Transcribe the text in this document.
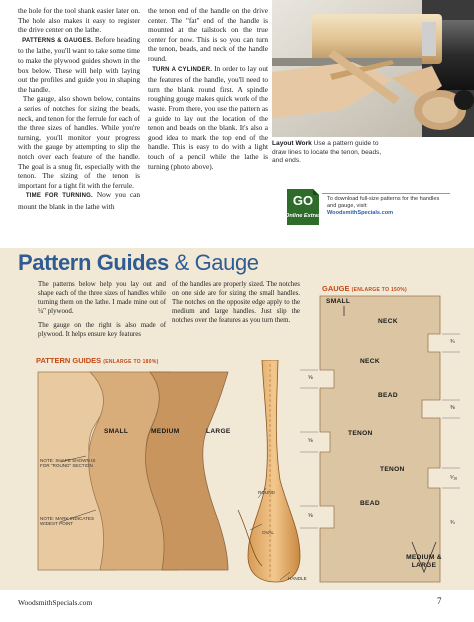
the hole for the tool shank easier later on. The hole also makes it easy to register the drive center on the lathe.

PATTERNS & GAUGES. Before heading to the lathe, you'll want to take some time to make the plywood guides shown in the box below. These will help with laying out the profiles and guide you in shaping the handle.

The gauge, also shown below, contains a series of notches for sizing the beads, neck, and tenon for the ferrule for each of the three sizes of handles. While you're turning, you'll monitor your progress with the gauge by attempting to slip the notch over each feature of the handle. The goal is a snug fit, especially with the tenon. The sizing of the tenon is important for a tight fit with the ferrule.

TIME FOR TURNING. Now you can mount the blank in the lathe with

the tenon end of the handle on the drive center. The "fat" end of the handle is mounted at the tailstock on the true center for now. This is so you can turn the tenon, beads, and neck of the handle round.

TURN A CYLINDER. In order to lay out the features of the handle, you'll need to turn the blank round first. A spindle roughing gouge makes quick work of the waste. From there, you use the pattern as a guide to lay out the location of the tenon and beads on the blank. It's also a good idea to mark the top end of the handle. This is easy to do with a light touch of a pencil while the lathe is turning (photo above).

Layout Work Use a pattern guide to draw lines to locate the tenon, beads, and ends.
GO
Online Extras
To download full-size patterns for the handles and gauge, visit:
WoodsmithSpecials.com
Pattern Guides & Gauge

The patterns below help you lay out and shape each of the three sizes of handles while turning them on the lathe. I made mine out of ¼" plywood.

The gauge on the right is also made of plywood. It helps ensure key features

of the handles are properly sized. The notches on one side are for sizing the small handles. The notches on the opposite edge apply to the medium and large handles. Just slip the notches over the features as you turn them.

PATTERN GUIDES (ENLARGE TO 180%)
SMALL	MEDIUM	LARGE
NOTE: SHAPE SHOWN IS FOR "ROUND" SECTION
NOTE: MARK INDICATES WIDEST POINT
ROUND
OVAL
HANDLE
GAUGE (ENLARGE TO 150%)
SMALL
NECK
NECK
BEAD
TENON
TENON
BEAD
MEDIUM & LARGE
¾
⅝
⅜
⅝
⁵⁄₁₆
⅝
¾
WoodsmithSpecials.com	7
